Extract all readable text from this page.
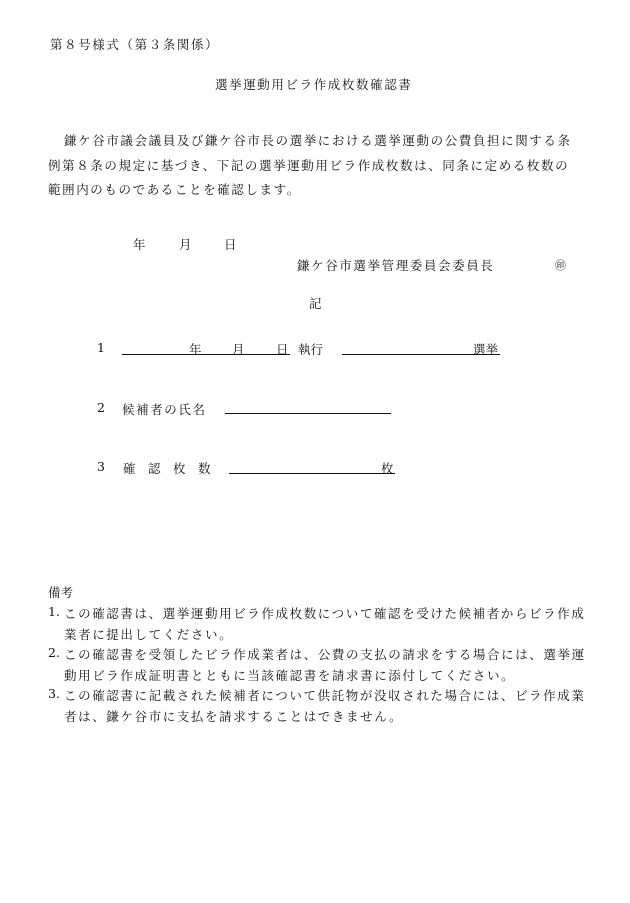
第８号様式（第３条関係）
選挙運動用ビラ作成枚数確認書
鎌ケ谷市議会議員及び鎌ケ谷市長の選挙における選挙運動の公費負担に関する条
例第８条の規定に基づき、下記の選挙運動用ビラ作成枚数は、同条に定める枚数の
範囲内のものであることを確認します。
年	月	日
鎌ケ谷市選挙管理委員会委員長	㊞
記
1	年 月	日 執行	選挙
2 候補者の氏名
3 確　認　枚　数	枚
備考
1. この確認書は、選挙運動用ビラ作成枚数について確認を受けた候補者からビラ作成
業者に提出してください。
2. この確認書を受領したビラ作成業者は、公費の支払の請求をする場合には、選挙運
動用ビラ作成証明書とともに当該確認書を請求書に添付してください。
3. この確認書に記載された候補者について供託物が没収された場合には、ビラ作成業
者は、鎌ケ谷市に支払を請求することはできません。
